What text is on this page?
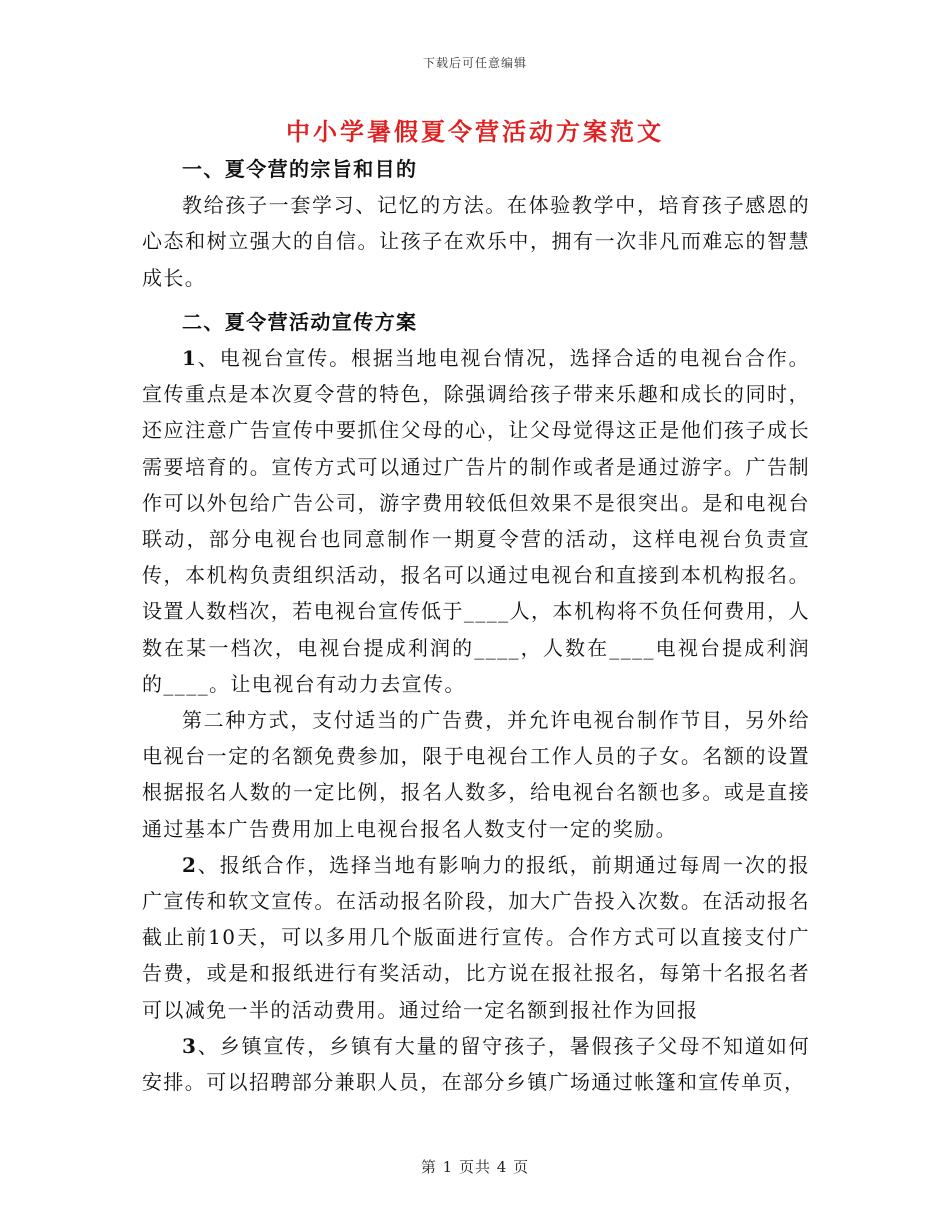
下载后可任意编辑
中小学暑假夏令营活动方案范文
一、夏令营的宗旨和目的

教给孩子一套学习、记忆的方法。在体验教学中，培育孩子感恩的心态和树立强大的自信。让孩子在欢乐中，拥有一次非凡而难忘的智慧成长。

二、夏令营活动宣传方案

1、电视台宣传。根据当地电视台情况，选择合适的电视台合作。宣传重点是本次夏令营的特色，除强调给孩子带来乐趣和成长的同时，还应注意广告宣传中要抓住父母的心，让父母觉得这正是他们孩子成长需要培育的。宣传方式可以通过广告片的制作或者是通过游字。广告制作可以外包给广告公司，游字费用较低但效果不是很突出。是和电视台联动，部分电视台也同意制作一期夏令营的活动，这样电视台负责宣传，本机构负责组织活动，报名可以通过电视台和直接到本机构报名。设置人数档次，若电视台宣传低于____人，本机构将不负任何费用，人数在某一档次，电视台提成利润的____，人数在____电视台提成利润的____。让电视台有动力去宣传。

第二种方式，支付适当的广告费，并允许电视台制作节目，另外给电视台一定的名额免费参加，限于电视台工作人员的子女。名额的设置根据报名人数的一定比例，报名人数多，给电视台名额也多。或是直接通过基本广告费用加上电视台报名人数支付一定的奖励。

2、报纸合作，选择当地有影响力的报纸，前期通过每周一次的报广宣传和软文宣传。在活动报名阶段，加大广告投入次数。在活动报名截止前10天，可以多用几个版面进行宣传。合作方式可以直接支付广告费，或是和报纸进行有奖活动，比方说在报社报名，每第十名报名者可以减免一半的活动费用。通过给一定名额到报社作为回报

3、乡镇宣传，乡镇有大量的留守孩子，暑假孩子父母不知道如何安排。可以招聘部分兼职人员，在部分乡镇广场通过帐篷和宣传单页，

第 1 页共 4 页
